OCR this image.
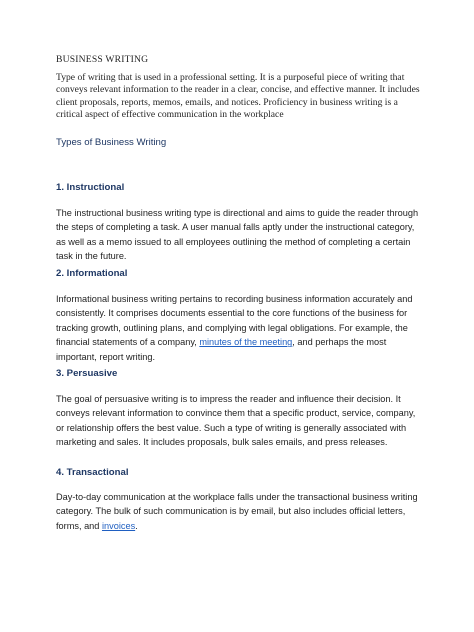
BUSINESS WRITING

Type of writing that is used in a professional setting. It is a purposeful piece of writing that conveys relevant information to the reader in a clear, concise, and effective manner. It includes client proposals, reports, memos, emails, and notices. Proficiency in business writing is a critical aspect of effective communication in the workplace

Types of Business Writing
1. Instructional

The instructional business writing type is directional and aims to guide the reader through the steps of completing a task. A user manual falls aptly under the instructional category, as well as a memo issued to all employees outlining the method of completing a certain task in the future.

2. Informational

Informational business writing pertains to recording business information accurately and consistently. It comprises documents essential to the core functions of the business for tracking growth, outlining plans, and complying with legal obligations. For example, the financial statements of a company, minutes of the meeting, and perhaps the most important, report writing.

3. Persuasive

The goal of persuasive writing is to impress the reader and influence their decision. It conveys relevant information to convince them that a specific product, service, company, or relationship offers the best value. Such a type of writing is generally associated with marketing and sales. It includes proposals, bulk sales emails, and press releases.

4. Transactional

Day-to-day communication at the workplace falls under the transactional business writing category. The bulk of such communication is by email, but also includes official letters, forms, and invoices.
